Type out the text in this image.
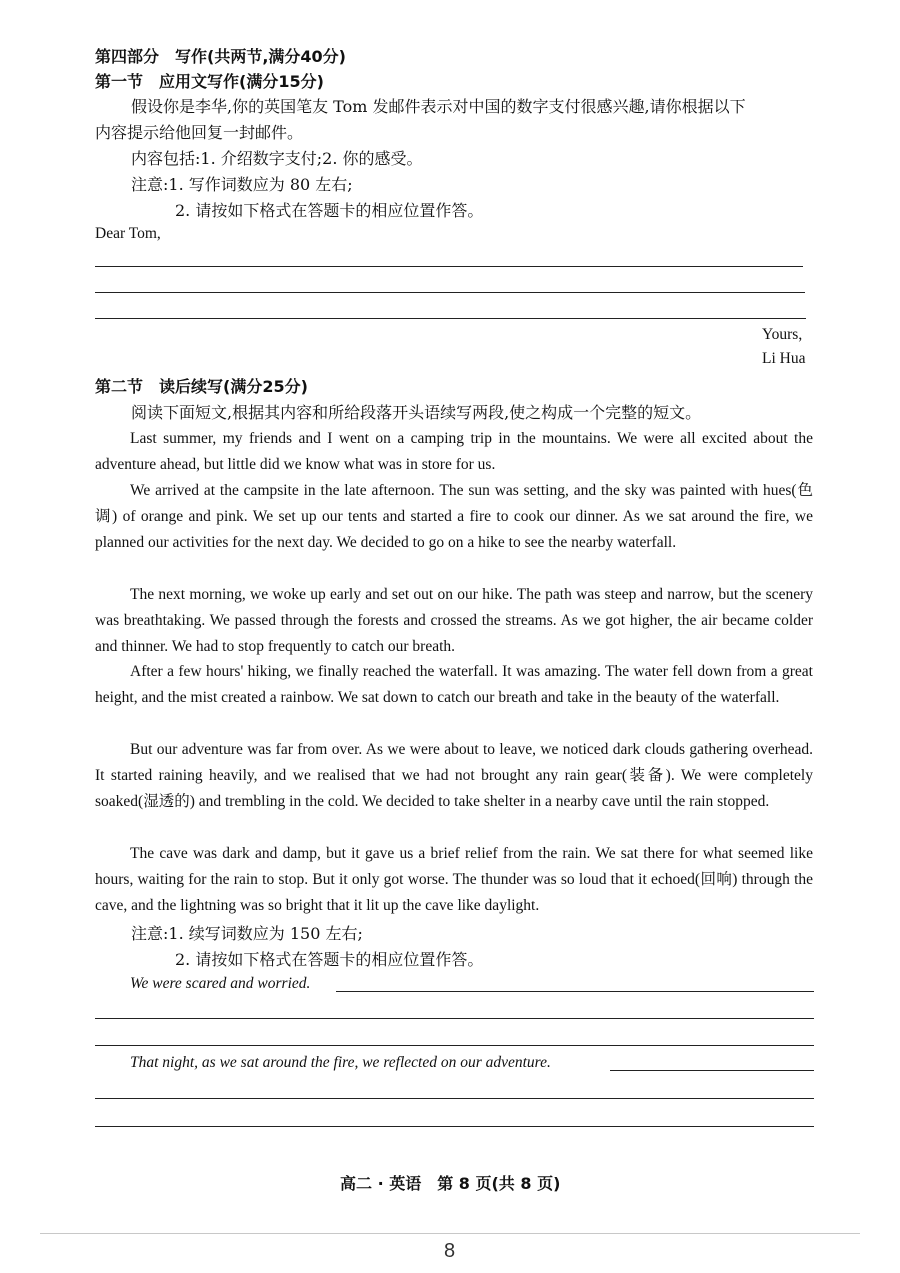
第四部分　写作(共两节,满分40分)
第一节　应用文写作(满分15分)
假设你是李华,你的英国笔友 Tom 发邮件表示对中国的数字支付很感兴趣,请你根据以下
内容提示给他回复一封邮件。
内容包括:1. 介绍数字支付;2. 你的感受。
注意:1. 写作词数应为 80 左右;
2. 请按如下格式在答题卡的相应位置作答。
Dear Tom,
Yours,
Li Hua
第二节　读后续写(满分25分)
阅读下面短文,根据其内容和所给段落开头语续写两段,使之构成一个完整的短文。
Last summer, my friends and I went on a camping trip in the mountains. We were all excited about the adventure ahead, but little did we know what was in store for us.
We arrived at the campsite in the late afternoon. The sun was setting, and the sky was painted with hues(色调) of orange and pink. We set up our tents and started a fire to cook our dinner. As we sat around the fire, we planned our activities for the next day. We decided to go on a hike to see the nearby waterfall.
The next morning, we woke up early and set out on our hike. The path was steep and narrow, but the scenery was breathtaking. We passed through the forests and crossed the streams. As we got higher, the air became colder and thinner. We had to stop frequently to catch our breath.
After a few hours' hiking, we finally reached the waterfall. It was amazing. The water fell down from a great height, and the mist created a rainbow. We sat down to catch our breath and take in the beauty of the waterfall.
But our adventure was far from over. As we were about to leave, we noticed dark clouds gathering overhead. It started raining heavily, and we realised that we had not brought any rain gear(装备). We were completely soaked(湿透的) and trembling in the cold. We decided to take shelter in a nearby cave until the rain stopped.
The cave was dark and damp, but it gave us a brief relief from the rain. We sat there for what seemed like hours, waiting for the rain to stop. But it only got worse. The thunder was so loud that it echoed(回响) through the cave, and the lightning was so bright that it lit up the cave like daylight.
注意:1. 续写词数应为 150 左右;
2. 请按如下格式在答题卡的相应位置作答。
We were scared and worried.
That night, as we sat around the fire, we reflected on our adventure.
高二 · 英语　第 8 页(共 8 页)
8
